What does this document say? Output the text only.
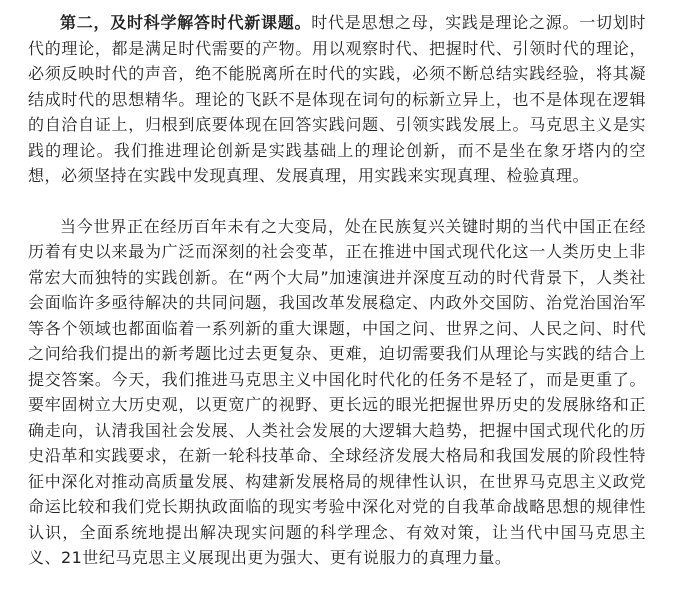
第二，及时科学解答时代新课题。时代是思想之母，实践是理论之源。一切划时代的理论，都是满足时代需要的产物。用以观察时代、把握时代、引领时代的理论，必须反映时代的声音，绝不能脱离所在时代的实践，必须不断总结实践经验，将其凝结成时代的思想精华。理论的飞跃不是体现在词句的标新立异上，也不是体现在逻辑的自洽自证上，归根到底要体现在回答实践问题、引领实践发展上。马克思主义是实践的理论。我们推进理论创新是实践基础上的理论创新，而不是坐在象牙塔内的空想，必须坚持在实践中发现真理、发展真理，用实践来实现真理、检验真理。

当今世界正在经历百年未有之大变局，处在民族复兴关键时期的当代中国正在经历着有史以来最为广泛而深刻的社会变革，正在推进中国式现代化这一人类历史上非常宏大而独特的实践创新。在“两个大局”加速演进并深度互动的时代背景下，人类社会面临许多亟待解决的共同问题，我国改革发展稳定、内政外交国防、治党治国治军等各个领域也都面临着一系列新的重大课题，中国之问、世界之问、人民之问、时代之问给我们提出的新考题比过去更复杂、更难，迫切需要我们从理论与实践的结合上提交答案。今天，我们推进马克思主义中国化时代化的任务不是轻了，而是更重了。要牢固树立大历史观，以更宽广的视野、更长远的眼光把握世界历史的发展脉络和正确走向，认清我国社会发展、人类社会发展的大逻辑大趋势，把握中国式现代化的历史沿革和实践要求，在新一轮科技革命、全球经济发展大格局和我国发展的阶段性特征中深化对推动高质量发展、构建新发展格局的规律性认识，在世界马克思主义政党命运比较和我们党长期执政面临的现实考验中深化对党的自我革命战略思想的规律性认识，全面系统地提出解决现实问题的科学理念、有效对策，让当代中国马克思主义、21世纪马克思主义展现出更为强大、更有说服力的真理力量。
